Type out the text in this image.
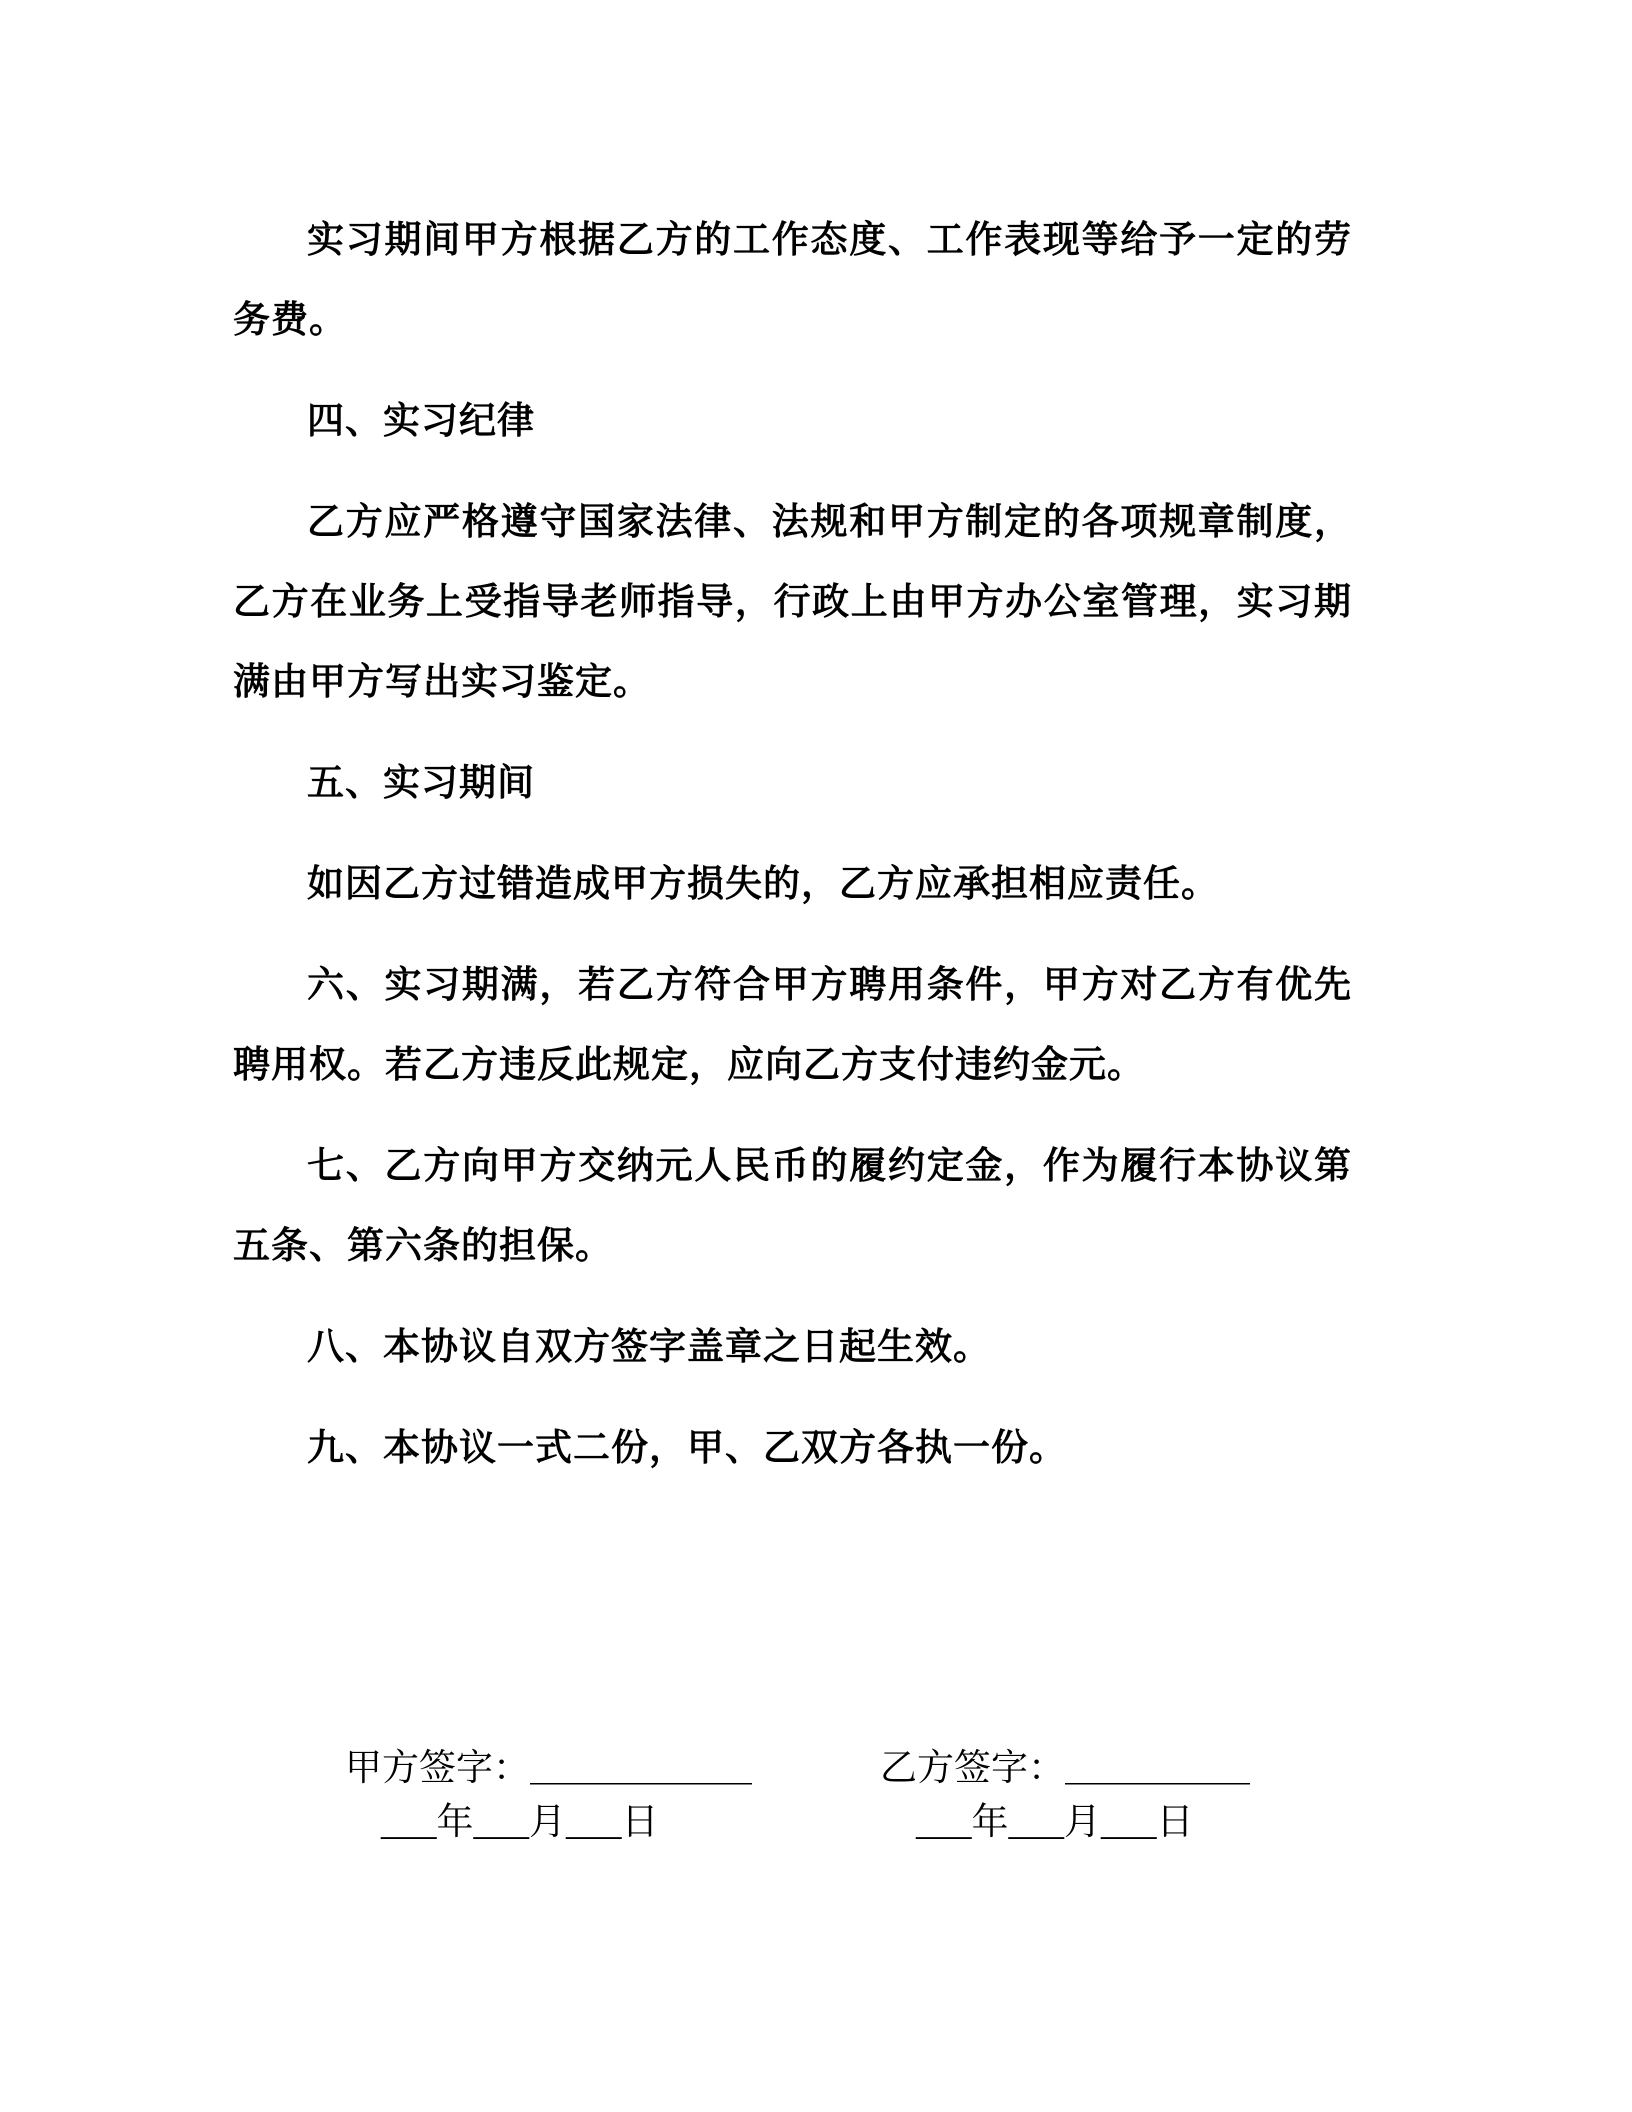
实习期间甲方根据乙方的工作态度、工作表现等给予一定的劳务费。

四、实习纪律

乙方应严格遵守国家法律、法规和甲方制定的各项规章制度，乙方在业务上受指导老师指导，行政上由甲方办公室管理，实习期满由甲方写出实习鉴定。

五、实习期间

如因乙方过错造成甲方损失的，乙方应承担相应责任。

六、实习期满，若乙方符合甲方聘用条件，甲方对乙方有优先聘用权。若乙方违反此规定，应向乙方支付违约金元。

七、乙方向甲方交纳元人民币的履约定金，作为履行本协议第五条、第六条的担保。

八、本协议自双方签字盖章之日起生效。

九、本协议一式二份，甲、乙双方各执一份。

甲方签字：＿＿＿＿＿＿
___年___月___日
乙方签字：＿＿＿＿＿
___年___月___日
